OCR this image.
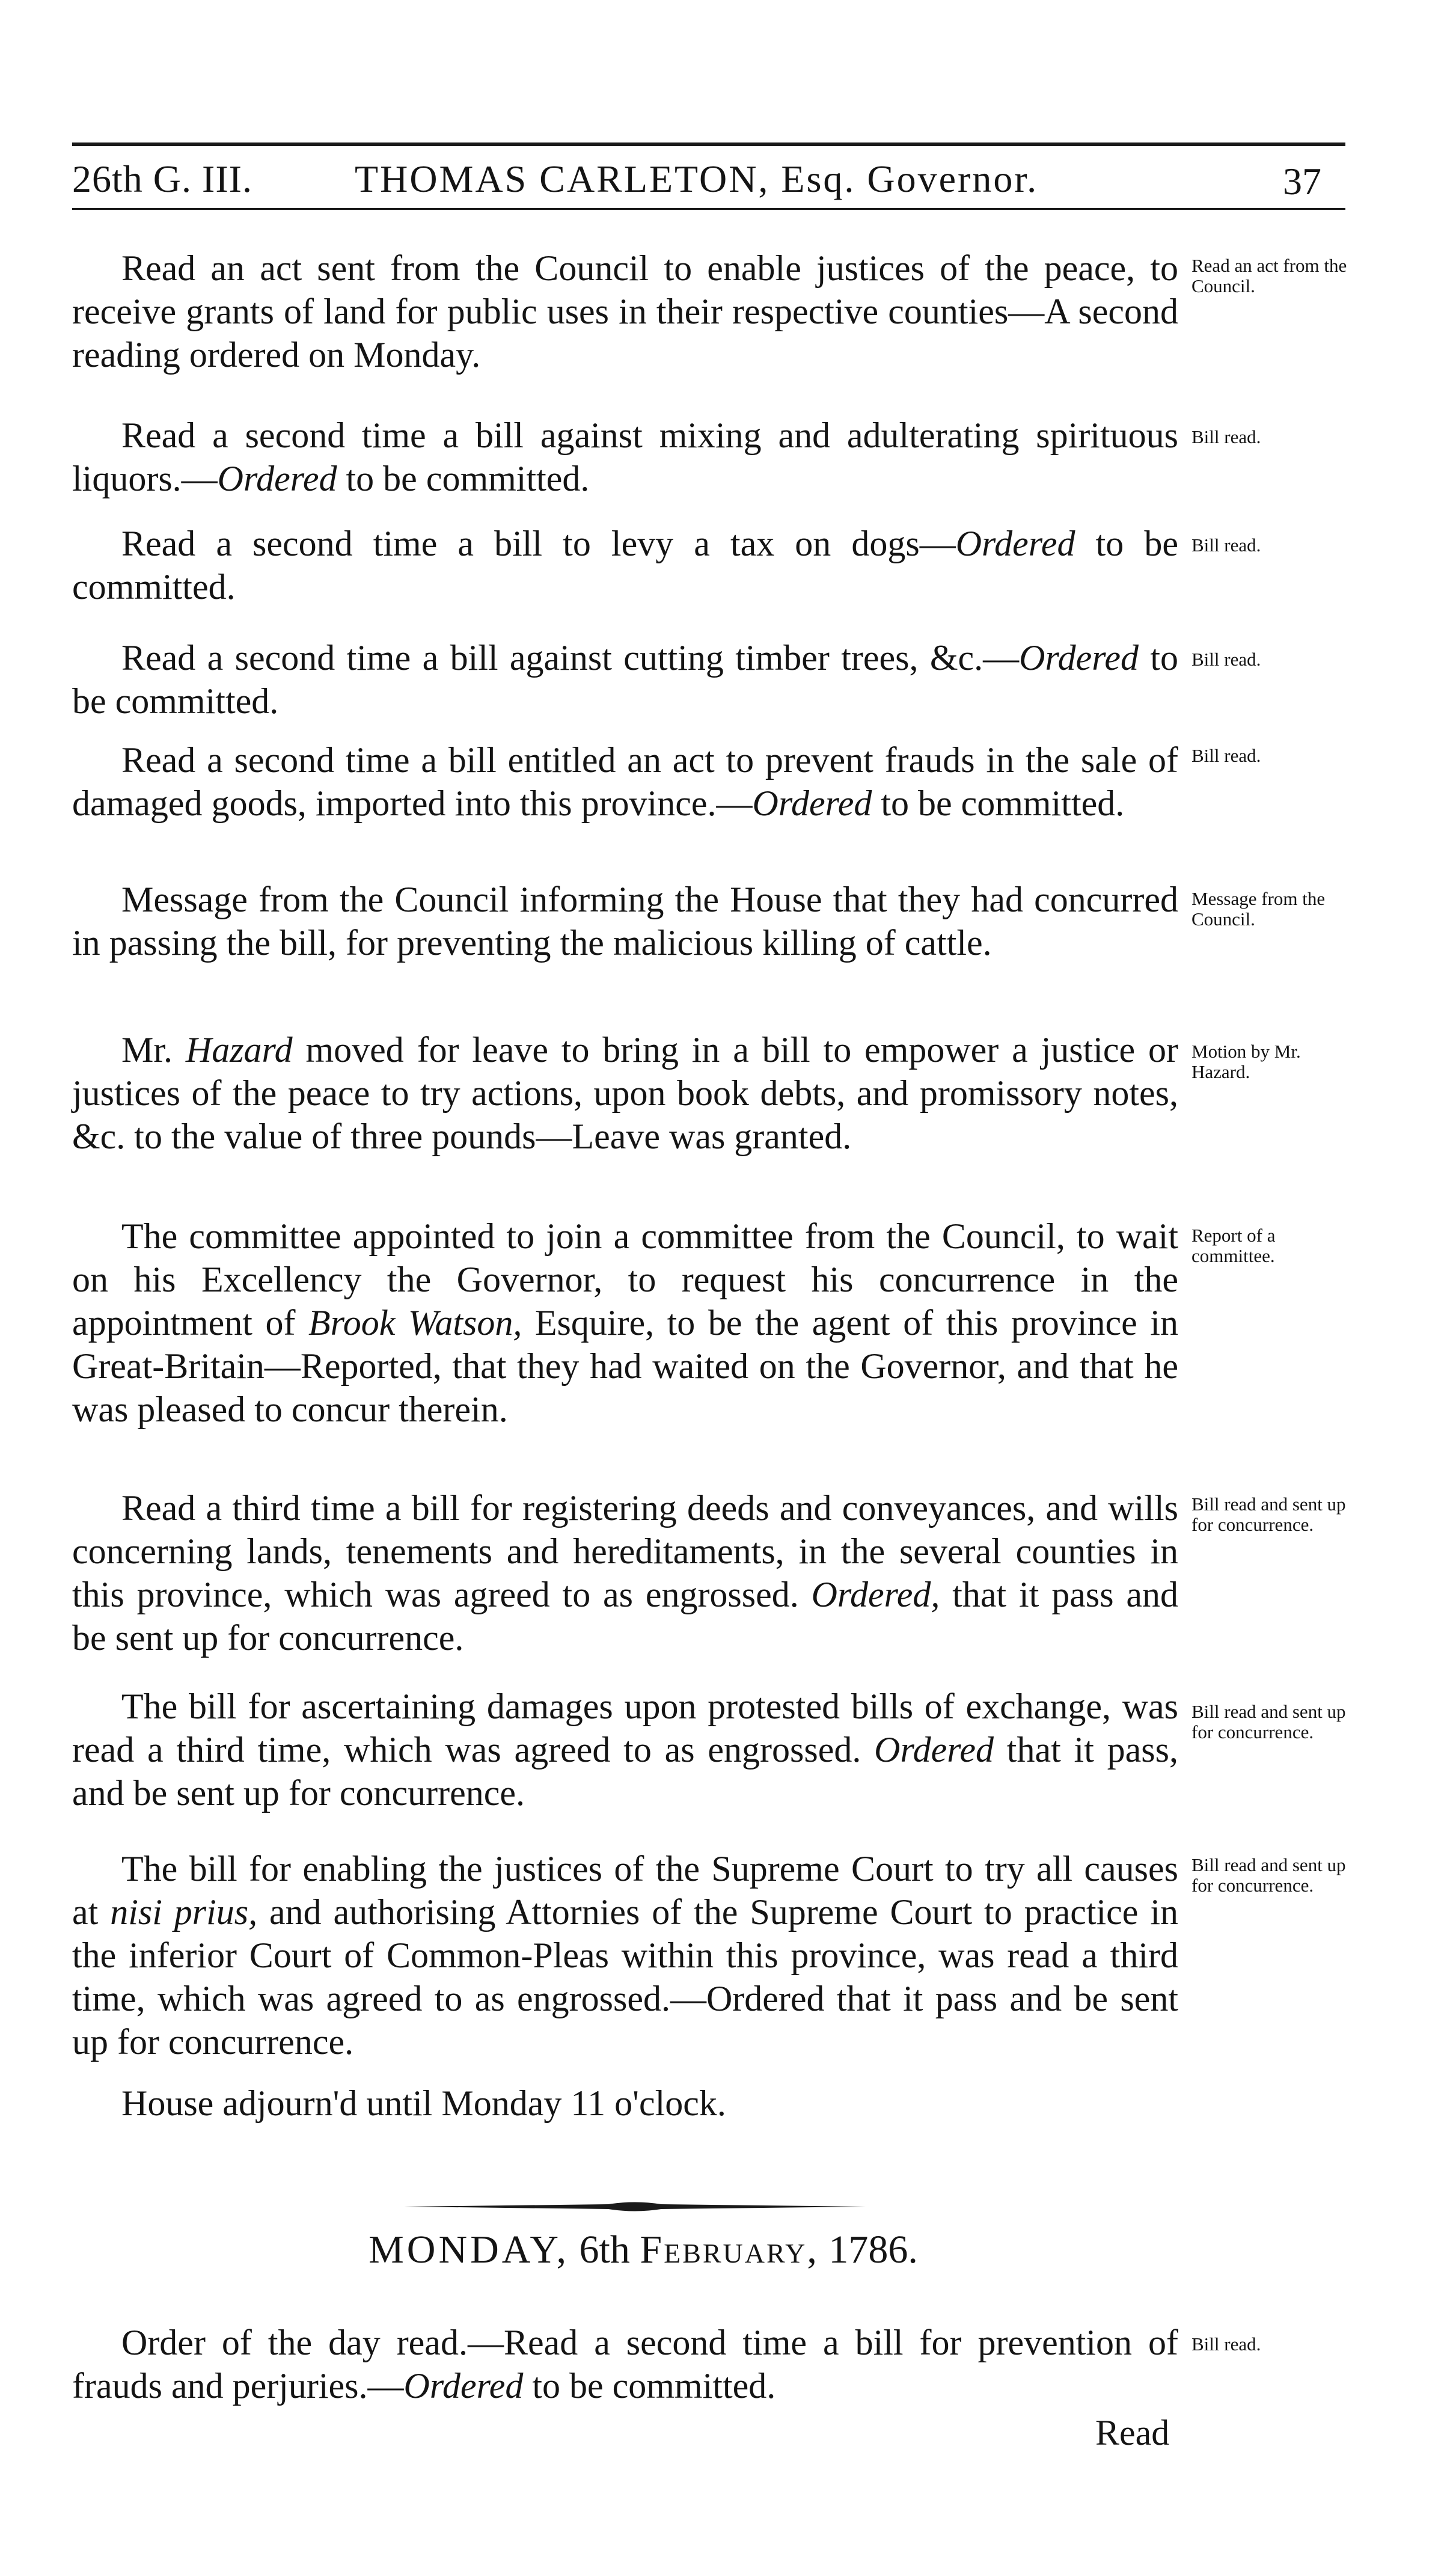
26th G. III.	THOMAS CARLETON, Esq. Governor.	37

Read an act sent from the Council to enable justices of the peace, to receive grants of land for public uses in their respective counties—A second reading ordered on Monday.

Read an act from the Council.

Read a second time a bill against mixing and adulterating spirituous liquors.—Ordered to be committed.

Bill read.

Read a second time a bill to levy a tax on dogs—Ordered to be committed.

Bill read.

Read a second time a bill against cutting timber trees, &c.—Ordered to be committed.

Bill read.

Read a second time a bill entitled an act to prevent frauds in the sale of damaged goods, imported into this province.—Ordered to be committed.

Bill read.

Message from the Council informing the House that they had concurred in passing the bill, for preventing the malicious killing of cattle.

Message from the Council.

Mr. Hazard moved for leave to bring in a bill to empower a justice or justices of the peace to try actions, upon book debts, and promissory notes, &c. to the value of three pounds—Leave was granted.

Motion by Mr. Hazard.

The committee appointed to join a committee from the Council, to wait on his Excellency the Governor, to request his concurrence in the appointment of Brook Watson, Esquire, to be the agent of this province in Great-Britain—Reported, that they had waited on the Governor, and that he was pleased to concur therein.

Report of a committee.

Read a third time a bill for registering deeds and conveyances, and wills concerning lands, tenements and hereditaments, in the several counties in this province, which was agreed to as engrossed. Ordered, that it pass and be sent up for concurrence.

Bill read and sent up for concurrence.

The bill for ascertaining damages upon protested bills of exchange, was read a third time, which was agreed to as engrossed. Ordered that it pass, and be sent up for concurrence.

Bill read and sent up for concurrence.

The bill for enabling the justices of the Supreme Court to try all causes at nisi prius, and authorising Attornies of the Supreme Court to practice in the inferior Court of Common-Pleas within this province, was read a third time, which was agreed to as engrossed.—Ordered that it pass and be sent up for concurrence.

Bill read and sent up for concurrence.

House adjourn'd until Monday 11 o'clock.

MONDAY, 6th February, 1786.

Order of the day read.—Read a second time a bill for prevention of frauds and perjuries.—Ordered to be committed.

Bill read.
Read
